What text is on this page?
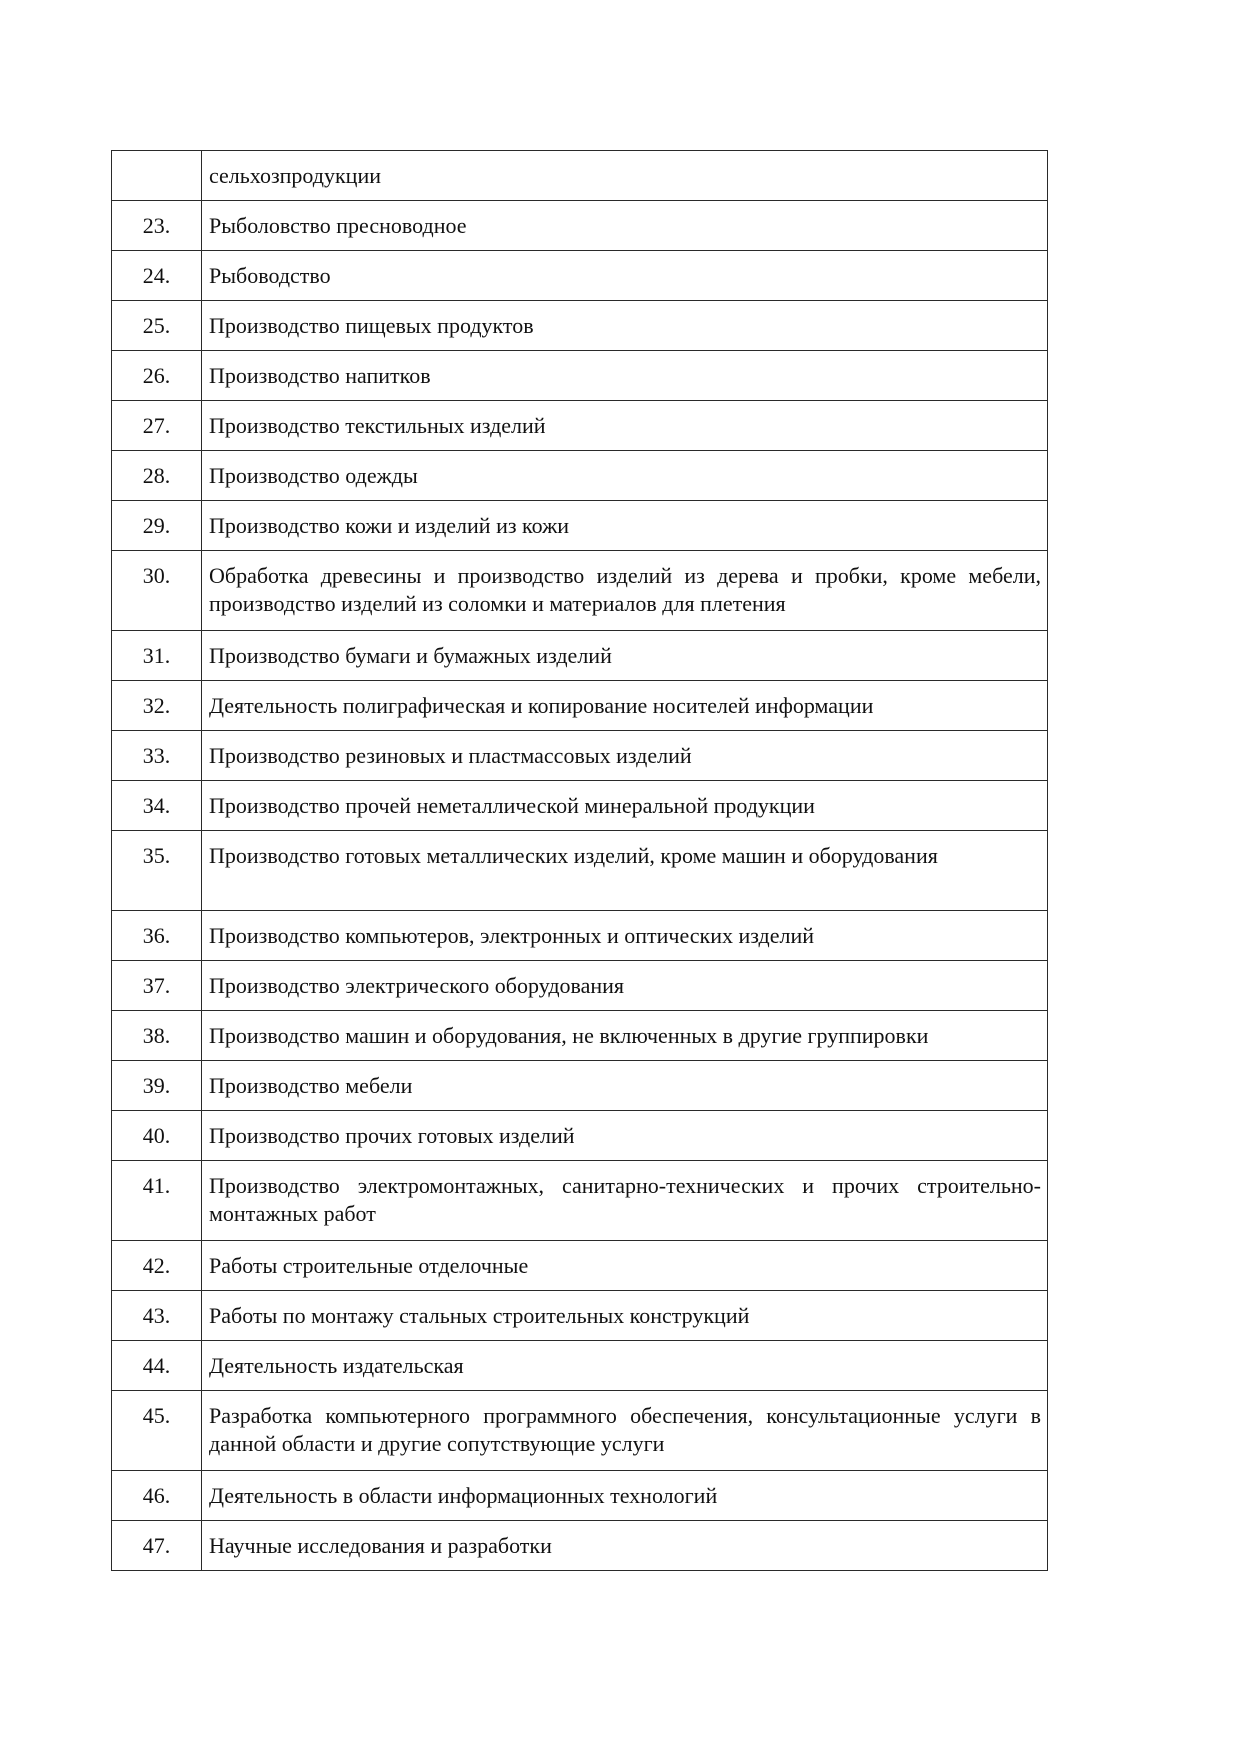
	сельхозпродукции
23.	Рыболовство пресноводное
24.	Рыбоводство
25.	Производство пищевых продуктов
26.	Производство напитков
27.	Производство текстильных изделий
28.	Производство одежды
29.	Производство кожи и изделий из кожи
30.	Обработка древесины и производство изделий из дерева и пробки, кроме мебели, производство изделий из соломки и материалов для плетения
31.	Производство бумаги и бумажных изделий
32.	Деятельность полиграфическая и копирование носителей информации
33.	Производство резиновых и пластмассовых изделий
34.	Производство прочей неметаллической минеральной продукции
35.	Производство готовых металлических изделий, кроме машин и оборудования
36.	Производство компьютеров, электронных и оптических изделий
37.	Производство электрического оборудования
38.	Производство машин и оборудования, не включенных в другие группировки
39.	Производство мебели
40.	Производство прочих готовых изделий
41.	Производство электромонтажных, санитарно-технических и прочих строительно-монтажных работ
42.	Работы строительные отделочные
43.	Работы по монтажу стальных строительных конструкций
44.	Деятельность издательская
45.	Разработка компьютерного программного обеспечения, консультационные услуги в данной области и другие сопутствующие услуги
46.	Деятельность в области информационных технологий
47.	Научные исследования и разработки
